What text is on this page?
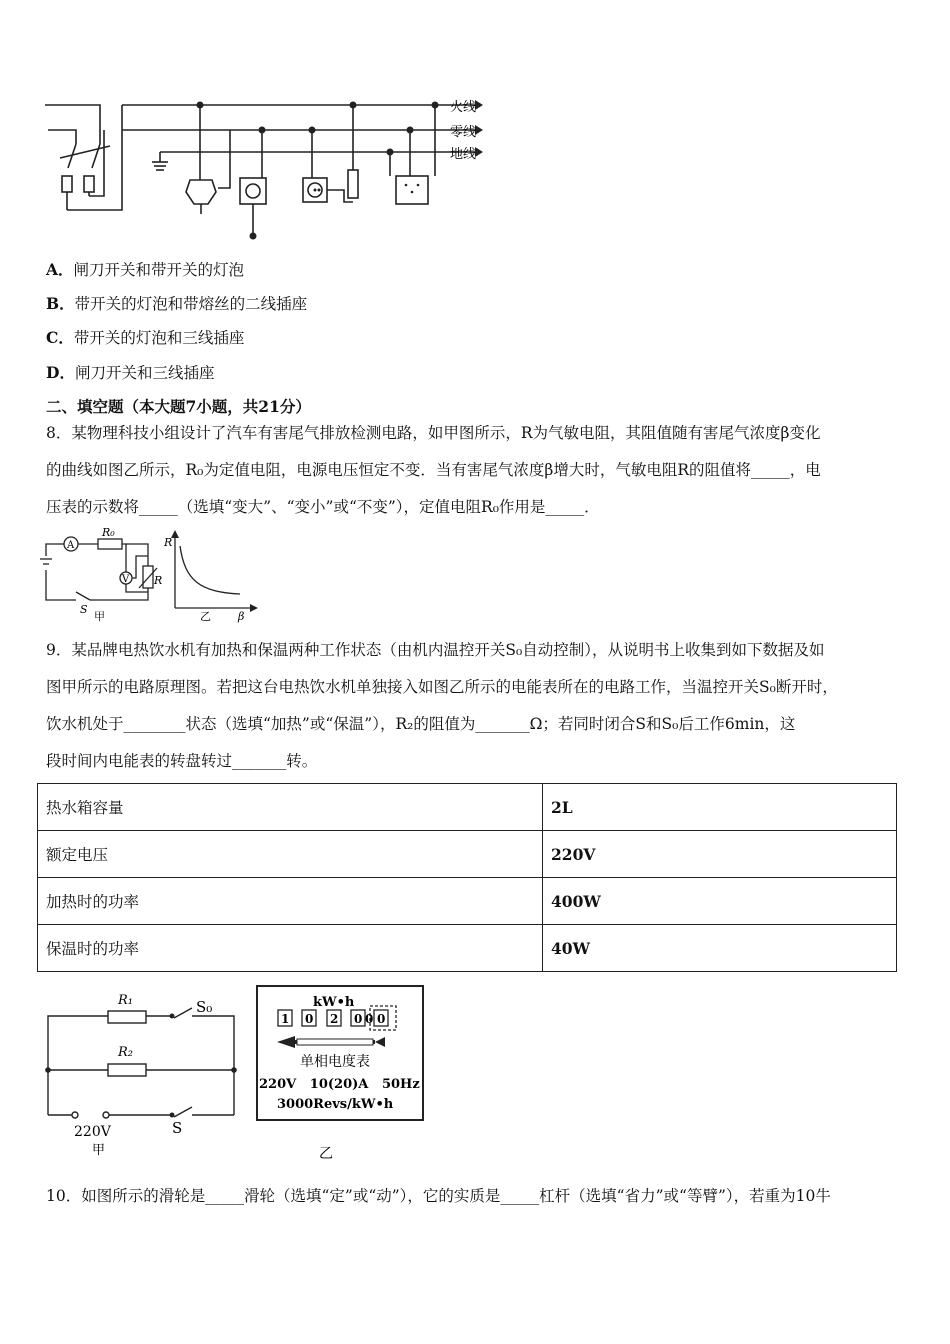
火线
零线
地线
A．闸刀开关和带开关的灯泡
B．带开关的灯泡和带熔丝的二线插座
C．带开关的灯泡和三线插座
D．闸刀开关和三线插座
二、填空题（本大题7小题，共21分）
8．某物理科技小组设计了汽车有害尾气排放检测电路，如甲图所示，R为气敏电阻，其阻值随有害尾气浓度β变化
的曲线如图乙所示，R₀为定值电阻，电源电压恒定不变．当有害尾气浓度β增大时，气敏电阻R的阻值将_____，电
压表的示数将_____（选填“变大”、“变小”或“不变”），定值电阻R₀作用是_____．
A
R₀
V R
S
甲
R
β
乙
9．某品牌电热饮水机有加热和保温两种工作状态（由机内温控开关S₀自动控制），从说明书上收集到如下数据及如
图甲所示的电路原理图。若把这台电热饮水机单独接入如图乙所示的电能表所在的电路工作，当温控开关S₀断开时，
饮水机处于________状态（选填“加热”或“保温”），R₂的阻值为_______Ω；若同时闭合S和S₀后工作6min，这
段时间内电能表的转盘转过_______转。
热水箱容量	2L
额定电压	220V
加热时的功率	400W
保温时的功率	40W
R₁	S₀
R₂
220V	S
甲
kW•h
1 0 2 0 0 0
单相电度表
220V   10(20)A   50Hz
3000Revs/kW•h
乙
10．如图所示的滑轮是_____滑轮（选填“定”或“动”），它的实质是_____杠杆（选填“省力”或“等臂”），若重为10牛
